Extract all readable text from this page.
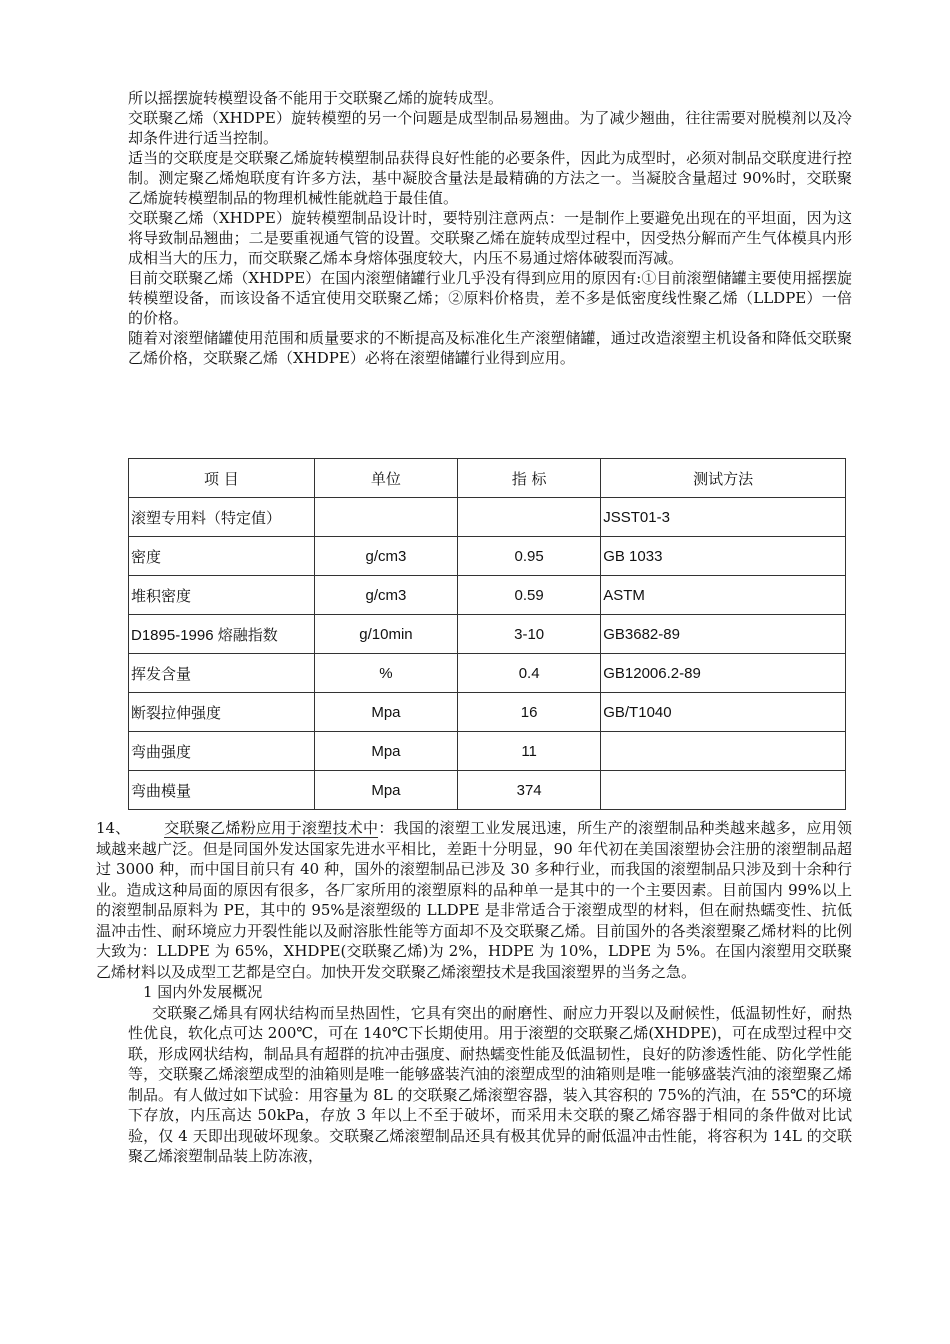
所以摇摆旋转模塑设备不能用于交联聚乙烯的旋转成型。

交联聚乙烯（XHDPE）旋转模塑的另一个问题是成型制品易翘曲。为了减少翘曲，往往需要对脱模剂以及冷却条件进行适当控制。

适当的交联度是交联聚乙烯旋转模塑制品获得良好性能的必要条件，因此为成型时，必须对制品交联度进行控制。测定聚乙烯炮联度有许多方法，基中凝胶含量法是最精确的方法之一。当凝胶含量超过 90%时，交联聚乙烯旋转模塑制品的物理机械性能就趋于最佳值。

交联聚乙烯（XHDPE）旋转模塑制品设计时，要特别注意两点：一是制作上要避免出现在的平坦面，因为这将导致制品翘曲；二是要重视通气管的设置。交联聚乙烯在旋转成型过程中，因受热分解而产生气体模具内形成相当大的压力，而交联聚乙烯本身熔体强度较大，内压不易通过熔体破裂而泻减。

目前交联聚乙烯（XHDPE）在国内滚塑储罐行业几乎没有得到应用的原因有:①目前滚塑储罐主要使用摇摆旋转模塑设备，而该设备不适宜使用交联聚乙烯；②原料价格贵，差不多是低密度线性聚乙烯（LLDPE）一倍的价格。

随着对滚塑储罐使用范围和质量要求的不断提高及标准化生产滚塑储罐，通过改造滚塑主机设备和降低交联聚乙烯价格，交联聚乙烯（XHDPE）必将在滚塑储罐行业得到应用。

项 目	单位	指 标	测试方法
滚塑专用料（特定值）			JSST01-3
密度	g/cm3	0.95	GB 1033
堆积密度	g/cm3	0.59	ASTM
D1895-1996 熔融指数	g/10min	3-10	GB3682-89
挥发含量	%	0.4	GB12006.2-89
断裂拉伸强度	Mpa	16	GB/T1040
弯曲强度	Mpa	11	
弯曲模量	Mpa	374	

14、 交联聚乙烯粉应用于滚塑技术中：我国的滚塑工业发展迅速，所生产的滚塑制品种类越来越多，应用领域越来越广泛。但是同国外发达国家先进水平相比，差距十分明显，90 年代初在美国滚塑协会注册的滚塑制品超过 3000 种，而中国目前只有 40 种，国外的滚塑制品已涉及 30 多种行业，而我国的滚塑制品只涉及到十余种行业。造成这种局面的原因有很多，各厂家所用的滚塑原料的品种单一是其中的一个主要因素。目前国内 99%以上的滚塑制品原料为 PE，其中的 95%是滚塑级的 LLDPE 是非常适合于滚塑成型的材料，但在耐热蠕变性、抗低温冲击性、耐环境应力开裂性能以及耐溶胀性能等方面却不及交联聚乙烯。目前国外的各类滚塑聚乙烯材料的比例大致为：LLDPE 为 65%，XHDPE(交联聚乙烯)为 2%，HDPE 为 10%，LDPE 为 5%。在国内滚塑用交联聚乙烯材料以及成型工艺都是空白。加快开发交联聚乙烯滚塑技术是我国滚塑界的当务之急。

1 国内外发展概况

交联聚乙烯具有网状结构而呈热固性，它具有突出的耐磨性、耐应力开裂以及耐候性，低温韧性好，耐热性优良，软化点可达 200℃，可在 140℃下长期使用。用于滚塑的交联聚乙烯(XHDPE)，可在成型过程中交联，形成网状结构，制品具有超群的抗冲击强度、耐热蠕变性能及低温韧性，良好的防渗透性能、防化学性能等，交联聚乙烯滚塑成型的油箱则是唯一能够盛装汽油的滚塑成型的油箱则是唯一能够盛装汽油的滚塑聚乙烯制品。有人做过如下试验：用容量为 8L 的交联聚乙烯滚塑容器，装入其容积的 75%的汽油，在 55℃的环境下存放，内压高达 50kPa，存放 3 年以上不至于破坏，而采用未交联的聚乙烯容器于相同的条件做对比试验，仅 4 天即出现破坏现象。交联聚乙烯滚塑制品还具有极其优异的耐低温冲击性能，将容积为 14L 的交联聚乙烯滚塑制品装上防冻液，
